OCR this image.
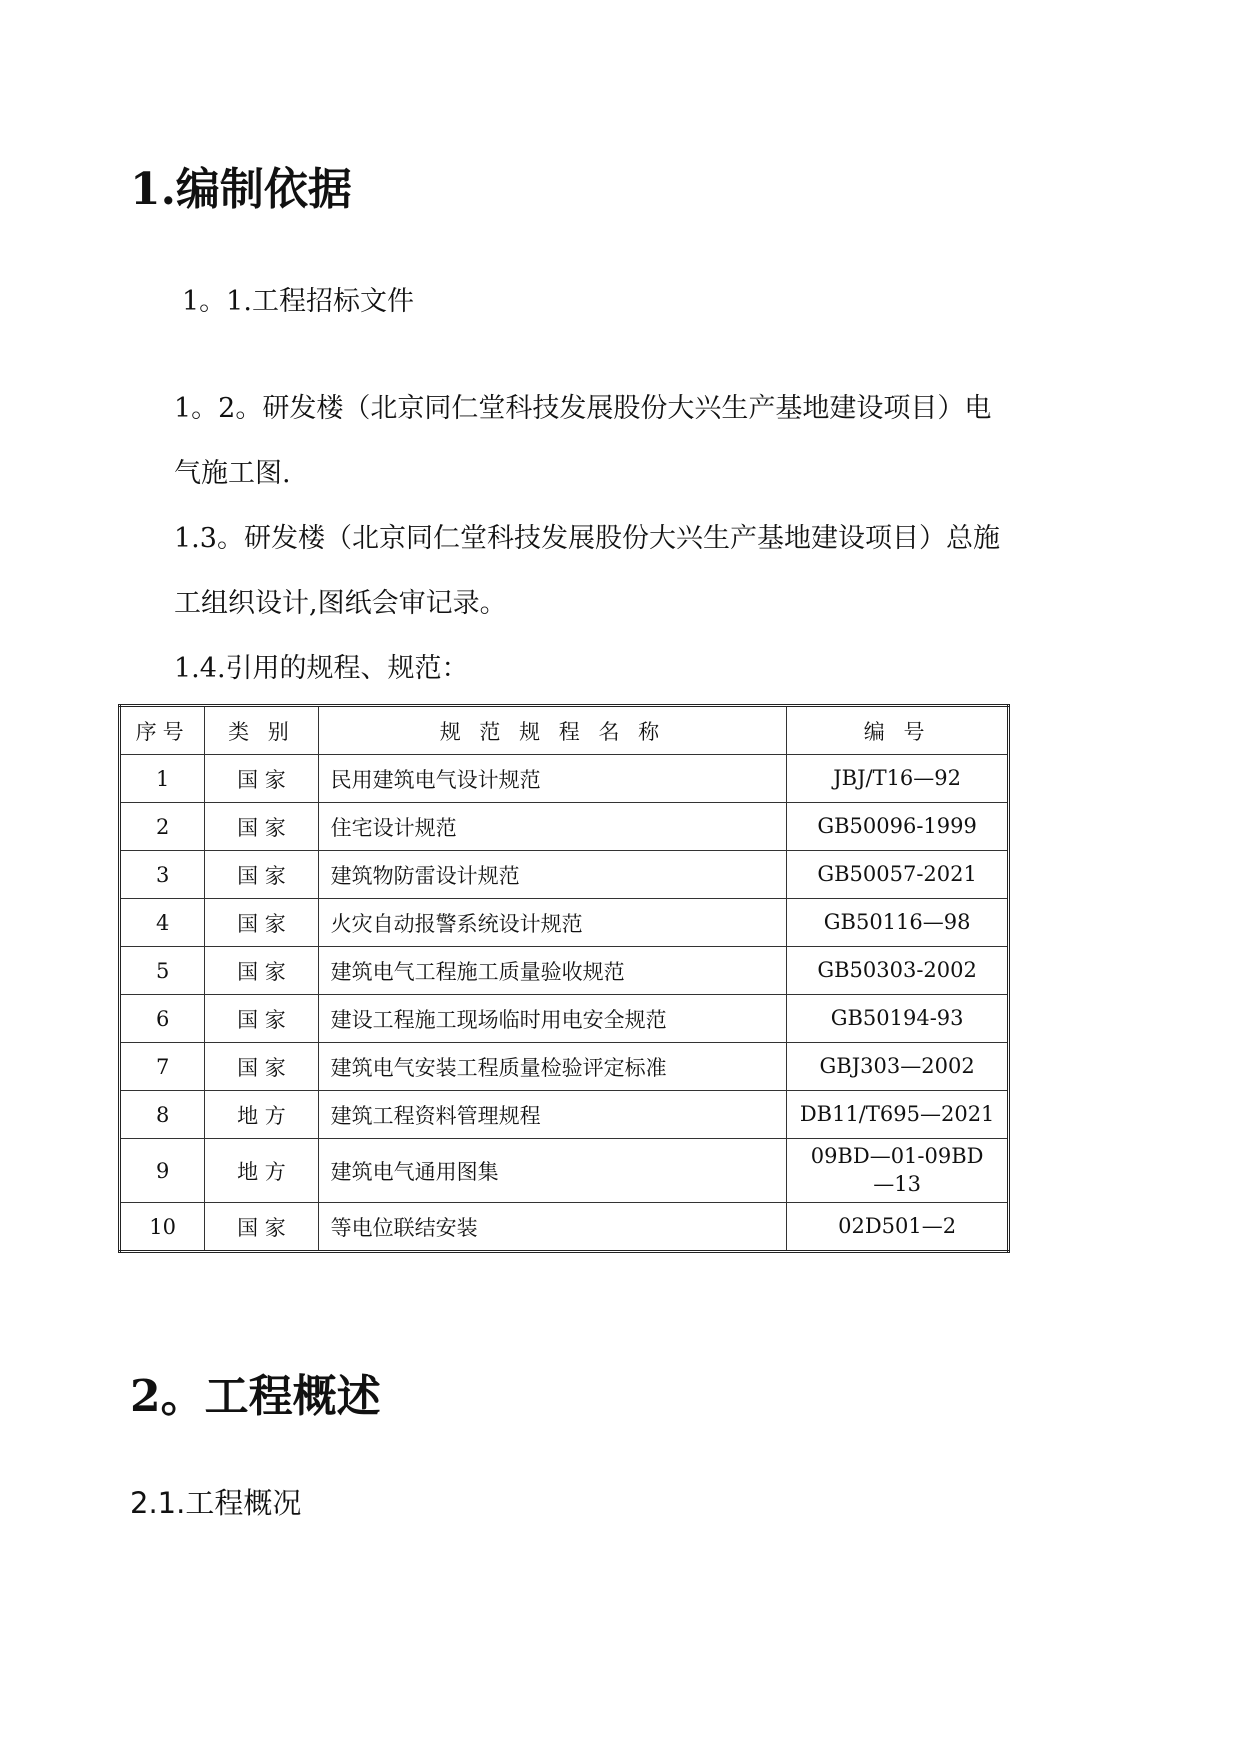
1.编制依据
1。1.工程招标文件
1。2。研发楼（北京同仁堂科技发展股份大兴生产基地建设项目）电
气施工图.
1.3。研发楼（北京同仁堂科技发展股份大兴生产基地建设项目）总施
工组织设计,图纸会审记录。
1.4.引用的规程、规范：
序号	类 别	规 范 规 程 名 称	编 号
1	国 家	民用建筑电气设计规范	JBJ/T16—92
2	国 家	住宅设计规范	GB50096-1999
3	国 家	建筑物防雷设计规范	GB50057-2021
4	国 家	火灾自动报警系统设计规范	GB50116—98
5	国 家	建筑电气工程施工质量验收规范	GB50303-2002
6	国 家	建设工程施工现场临时用电安全规范	GB50194-93
7	国 家	建筑电气安装工程质量检验评定标准	GBJ303—2002
8	地 方	建筑工程资料管理规程	DB11/T695—2021
9	地 方	建筑电气通用图集	09BD—01-09BD
—13
10	国 家	等电位联结安装	02D501—2
2。工程概述
2.1.工程概况
